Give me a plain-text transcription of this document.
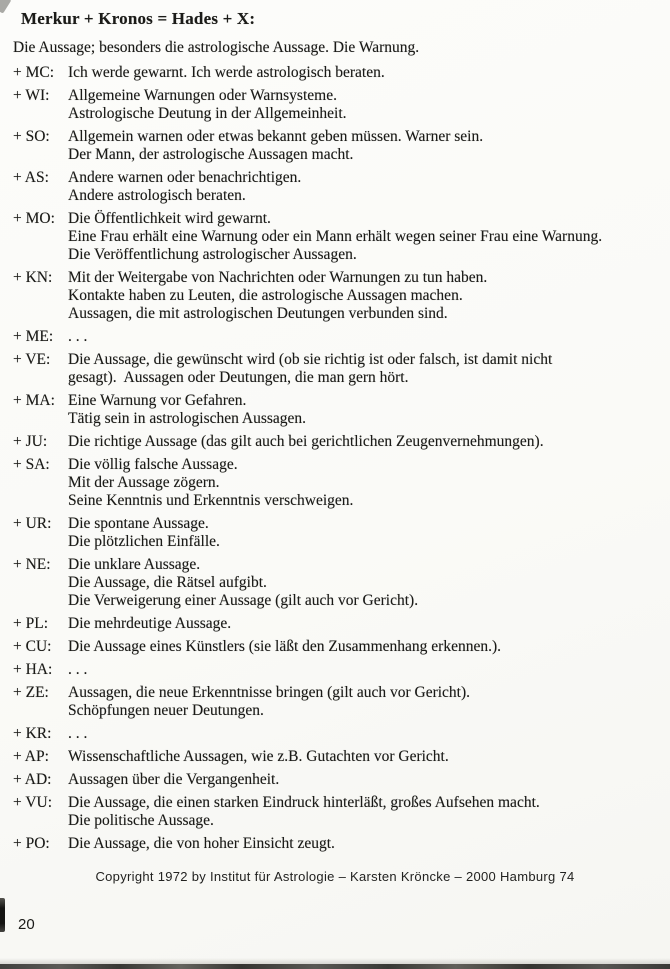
Merkur + Kronos = Hades + X:

Die Aussage; besonders die astrologische Aussage. Die Warnung.

+ MC: Ich werde gewarnt. Ich werde astrologisch beraten.
+ WI:	Allgemeine Warnungen oder Warnsysteme.
Astrologische Deutung in der Allgemeinheit.
+ SO:	Allgemein warnen oder etwas bekannt geben müssen. Warner sein.
Der Mann, der astrologische Aussagen macht.
+ AS:	Andere warnen oder benachrichtigen.
Andere astrologisch beraten.
+ MO: Die Öffentlichkeit wird gewarnt.
Eine Frau erhält eine Warnung oder ein Mann erhält wegen seiner Frau eine Warnung.
Die Veröffentlichung astrologischer Aussagen.
+ KN:	Mit der Weitergabe von Nachrichten oder Warnungen zu tun haben.
Kontakte haben zu Leuten, die astrologische Aussagen machen.
Aussagen, die mit astrologischen Deutungen verbunden sind.
+ ME: . . .
+ VE:	Die Aussage, die gewünscht wird (ob sie richtig ist oder falsch, ist damit nicht
gesagt).  Aussagen oder Deutungen, die man gern hört.
+ MA: Eine Warnung vor Gefahren.
Tätig sein in astrologischen Aussagen.
+ JU:	Die richtige Aussage (das gilt auch bei gerichtlichen Zeugenvernehmungen).
+ SA:	Die völlig falsche Aussage.
Mit der Aussage zögern.
Seine Kenntnis und Erkenntnis verschweigen.
+ UR:	Die spontane Aussage.
Die plötzlichen Einfälle.
+ NE:	Die unklare Aussage.
Die Aussage, die Rätsel aufgibt.
Die Verweigerung einer Aussage (gilt auch vor Gericht).
+ PL:	Die mehrdeutige Aussage.
+ CU:	Die Aussage eines Künstlers (sie läßt den Zusammenhang erkennen.).
+ HA:	. . .
+ ZE:	Aussagen, die neue Erkenntnisse bringen (gilt auch vor Gericht).
Schöpfungen neuer Deutungen.
+ KR:	. . .
+ AP:	Wissenschaftliche Aussagen, wie z.B. Gutachten vor Gericht.
+ AD:	Aussagen über die Vergangenheit.
+ VU:	Die Aussage, die einen starken Eindruck hinterläßt, großes Aufsehen macht.
Die politische Aussage.
+ PO:	Die Aussage, die von hoher Einsicht zeugt.
Copyright 1972 by Institut für Astrologie – Karsten Kröncke – 2000 Hamburg 74
20
